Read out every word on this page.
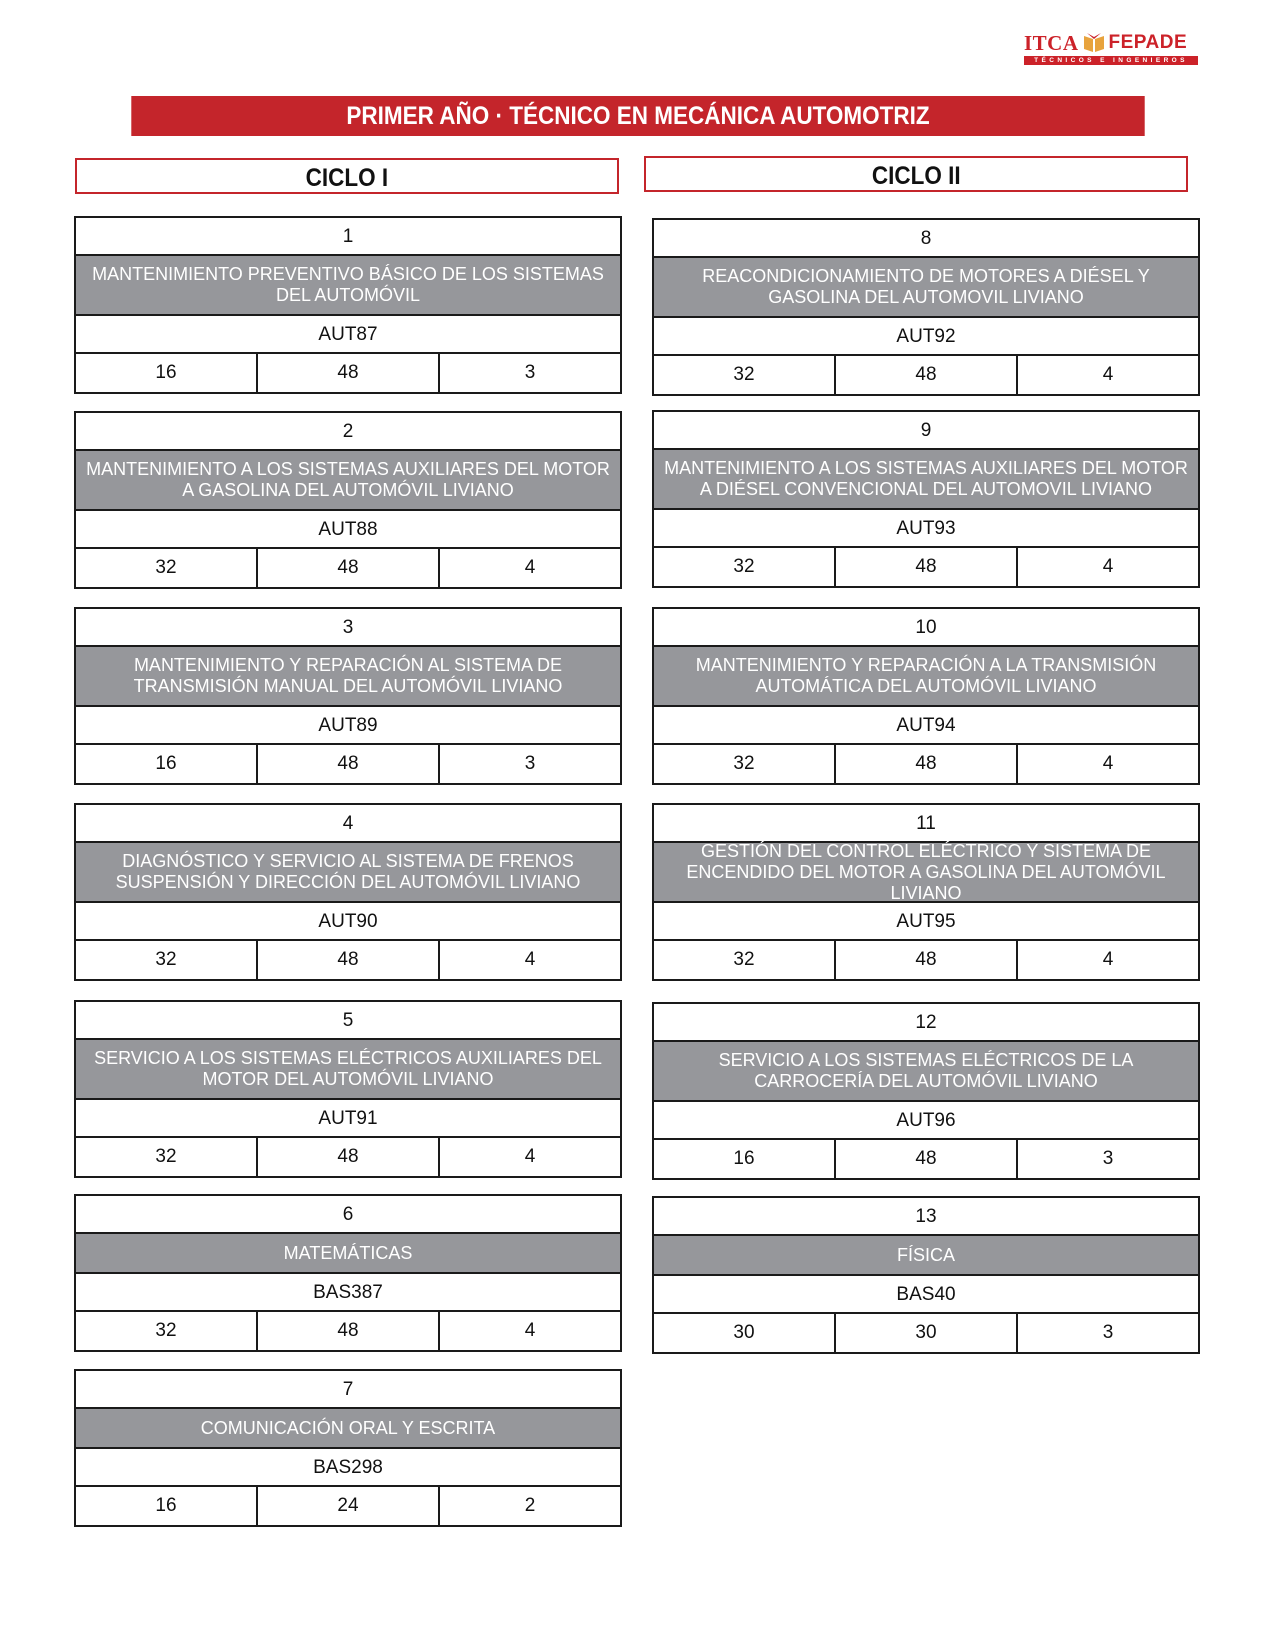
ITCA FEPADE
TÉCNICOS E INGENIEROS
PRIMER AÑO · TÉCNICO EN MECÁNICA AUTOMOTRIZ
CICLO I	CICLO II
1
MANTENIMIENTO PREVENTIVO BÁSICO DE LOS SISTEMAS DEL AUTOMÓVIL
AUT87
16	48	3
2
MANTENIMIENTO A LOS SISTEMAS AUXILIARES DEL MOTOR A GASOLINA DEL AUTOMÓVIL LIVIANO
AUT88
32	48	4
3
MANTENIMIENTO Y REPARACIÓN AL SISTEMA DE TRANSMISIÓN MANUAL DEL AUTOMÓVIL LIVIANO
AUT89
16	48	3
4
DIAGNÓSTICO Y SERVICIO AL SISTEMA DE FRENOS SUSPENSIÓN Y DIRECCIÓN DEL AUTOMÓVIL LIVIANO
AUT90
32	48	4
5
SERVICIO A LOS SISTEMAS ELÉCTRICOS AUXILIARES DEL MOTOR DEL AUTOMÓVIL LIVIANO
AUT91
32	48	4
6
MATEMÁTICAS
BAS387
32	48	4
7
COMUNICACIÓN ORAL Y ESCRITA
BAS298
16	24	2
8
REACONDICIONAMIENTO DE MOTORES A DIÉSEL Y GASOLINA DEL AUTOMOVIL LIVIANO
AUT92
32	48	4
9
MANTENIMIENTO A LOS SISTEMAS AUXILIARES DEL MOTOR A DIÉSEL CONVENCIONAL DEL AUTOMOVIL LIVIANO
AUT93
32	48	4
10
MANTENIMIENTO Y REPARACIÓN A LA TRANSMISIÓN AUTOMÁTICA DEL AUTOMÓVIL LIVIANO
AUT94
32	48	4
11
GESTIÓN DEL CONTROL ELÉCTRICO Y SISTEMA DE ENCENDIDO DEL MOTOR A GASOLINA DEL AUTOMÓVIL LIVIANO
AUT95
32	48	4
12
SERVICIO A LOS SISTEMAS ELÉCTRICOS DE LA CARROCERÍA DEL AUTOMÓVIL LIVIANO
AUT96
16	48	3
13
FÍSICA
BAS40
30	30	3
